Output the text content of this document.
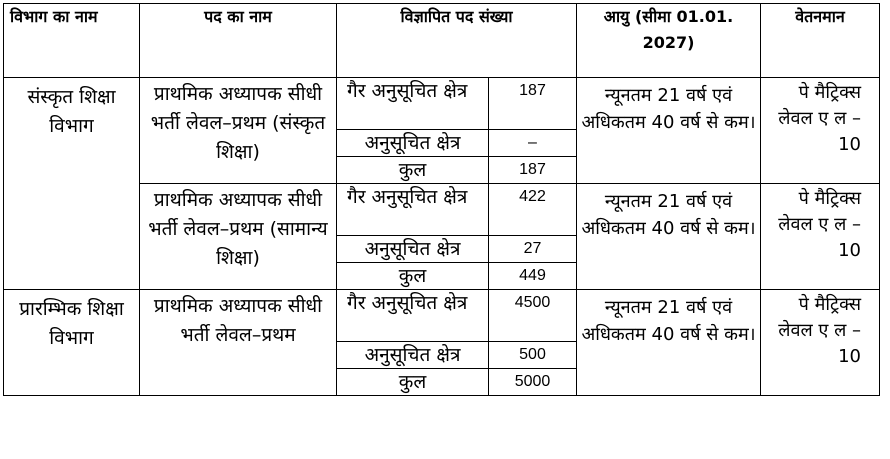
विभाग का नाम	पद का नाम	विज्ञापित पद संख्या		आयु (सीमा 01.01. 2027)	वेतनमान
संस्कृत शिक्षा विभाग	प्राथमिक अध्यापक सीधी भर्ती लेवल–प्रथम (संस्कृत शिक्षा)	गैर अनुसूचित क्षेत्र	187	न्यूनतम 21 वर्ष एवं अधिकतम 40 वर्ष से कम।	पे मैट्रिक्स लेवल ए ल – 10

		अनुसूचित क्षेत्र	–		
		कुल	187		
	प्राथमिक अध्यापक सीधी भर्ती लेवल–प्रथम (सामान्य शिक्षा)	गैर अनुसूचित क्षेत्र	422	न्यूनतम 21 वर्ष एवं अधिकतम 40 वर्ष से कम।	पे मैट्रिक्स लेवल ए ल – 10

		अनुसूचित क्षेत्र	27		
		कुल	449		
प्रारम्भिक शिक्षा विभाग	प्राथमिक अध्यापक सीधी भर्ती लेवल–प्रथम	गैर अनुसूचित क्षेत्र	4500	न्यूनतम 21 वर्ष एवं अधिकतम 40 वर्ष से कम।	पे मैट्रिक्स लेवल ए ल – 10

		अनुसूचित क्षेत्र	500		
		कुल	5000		
